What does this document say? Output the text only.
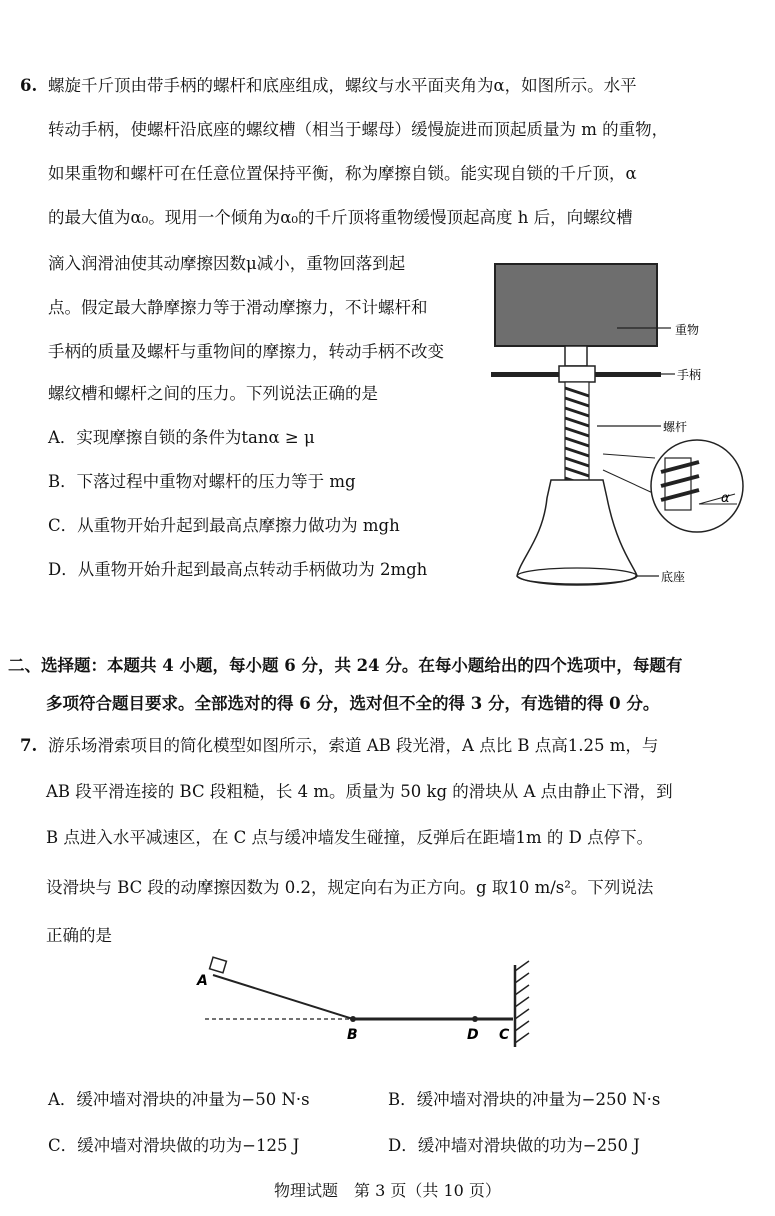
6. 螺旋千斤顶由带手柄的螺杆和底座组成，螺纹与水平面夹角为α，如图所示。水平
转动手柄，使螺杆沿底座的螺纹槽（相当于螺母）缓慢旋进而顶起质量为 m 的重物，
如果重物和螺杆可在任意位置保持平衡，称为摩擦自锁。能实现自锁的千斤顶，α
的最大值为α₀。现用一个倾角为α₀的千斤顶将重物缓慢顶起高度 h 后，向螺纹槽
滴入润滑油使其动摩擦因数μ减小，重物回落到起
点。假定最大静摩擦力等于滑动摩擦力，不计螺杆和
手柄的质量及螺杆与重物间的摩擦力，转动手柄不改变
螺纹槽和螺杆之间的压力。下列说法正确的是
A．实现摩擦自锁的条件为tanα ≥ μ
B．下落过程中重物对螺杆的压力等于 mg
C．从重物开始升起到最高点摩擦力做功为 mgh
D．从重物开始升起到最高点转动手柄做功为 2mgh
重物
手柄
螺杆
底座
α
二、选择题：本题共 4 小题，每小题 6 分，共 24 分。在每小题给出的四个选项中，每题有
多项符合题目要求。全部选对的得 6 分，选对但不全的得 3 分，有选错的得 0 分。
7. 游乐场滑索项目的简化模型如图所示，索道 AB 段光滑，A 点比 B 点高1.25 m，与
AB 段平滑连接的 BC 段粗糙，长 4 m。质量为 50 kg 的滑块从 A 点由静止下滑，到
B 点进入水平减速区，在 C 点与缓冲墙发生碰撞，反弹后在距墙1m 的 D 点停下。
设滑块与 BC 段的动摩擦因数为 0.2，规定向右为正方向。g 取10 m/s²。下列说法
正确的是
A
B	D C
A．缓冲墙对滑块的冲量为−50 N·s	B．缓冲墙对滑块的冲量为−250 N·s
C．缓冲墙对滑块做的功为−125 J	D．缓冲墙对滑块做的功为−250 J
物理试题　第 3 页（共 10 页）
